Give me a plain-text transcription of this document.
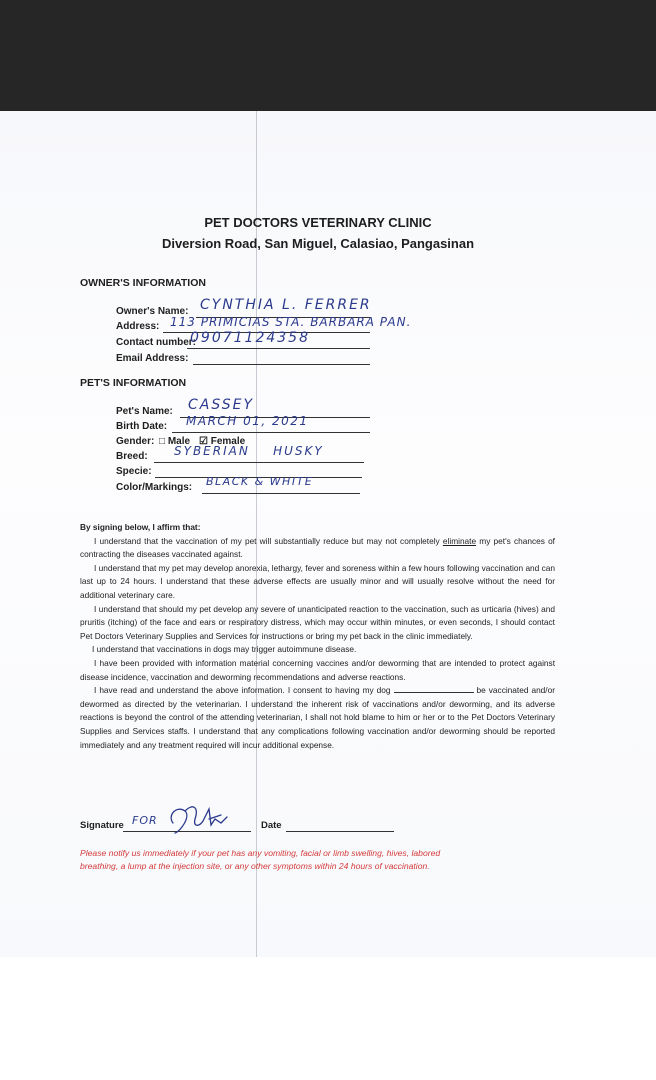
PET DOCTORS VETERINARY CLINIC
Diversion Road, San Miguel, Calasiao, Pangasinan
OWNER'S INFORMATION
Owner's Name: CYNTHIA L. FERRER
Address: 113 PRIMICIAS STA. BARBARA PAN.
Contact number:
09071124358
Email Address:
PET'S INFORMATION
Pet's Name: CASSEY
Birth Date: MARCH 01, 2021
Gender: □ Male ☑ Female
Breed: SYBERIAN    HUSKY
Specie:
Color/Markings: BLACK & WHITE

By signing below, I affirm that:

I understand that the vaccination of my pet will substantially reduce but may not completely eliminate my pet's chances of contracting the diseases vaccinated against.

I understand that my pet may develop anorexia, lethargy, fever and soreness within a few hours following vaccination and can last up to 24 hours. I understand that these adverse effects are usually minor and will usually resolve without the need for additional veterinary care.

I understand that should my pet develop any severe of unanticipated reaction to the vaccination, such as urticaria (hives) and pruritis (itching) of the face and ears or respiratory distress, which may occur within minutes, or even seconds, I should contact Pet Doctors Veterinary Supplies and Services for instructions or bring my pet back in the clinic immediately.

I understand that vaccinations in dogs may trigger autoimmune disease.

I have been provided with information material concerning vaccines and/or deworming that are intended to protect against disease incidence, vaccination and deworming recommendations and adverse reactions.

I have read and understand the above information. I consent to having my dog	be vaccinated and/or dewormed as directed by the veterinarian. I understand the inherent risk of vaccinations and/or deworming, and its adverse reactions is beyond the control of the attending veterinarian, I shall not hold blame to him or her or to the Pet Doctors Veterinary Supplies and Services staffs. I understand that any complications following vaccination and/or deworming should be reported immediately and any treatment required will incur additional expense.

Signature FOR	Date

Please notify us immediately if your pet has any vomiting, facial or limb swelling, hives, labored

breathing, a lump at the injection site, or any other symptoms within 24 hours of vaccination.
